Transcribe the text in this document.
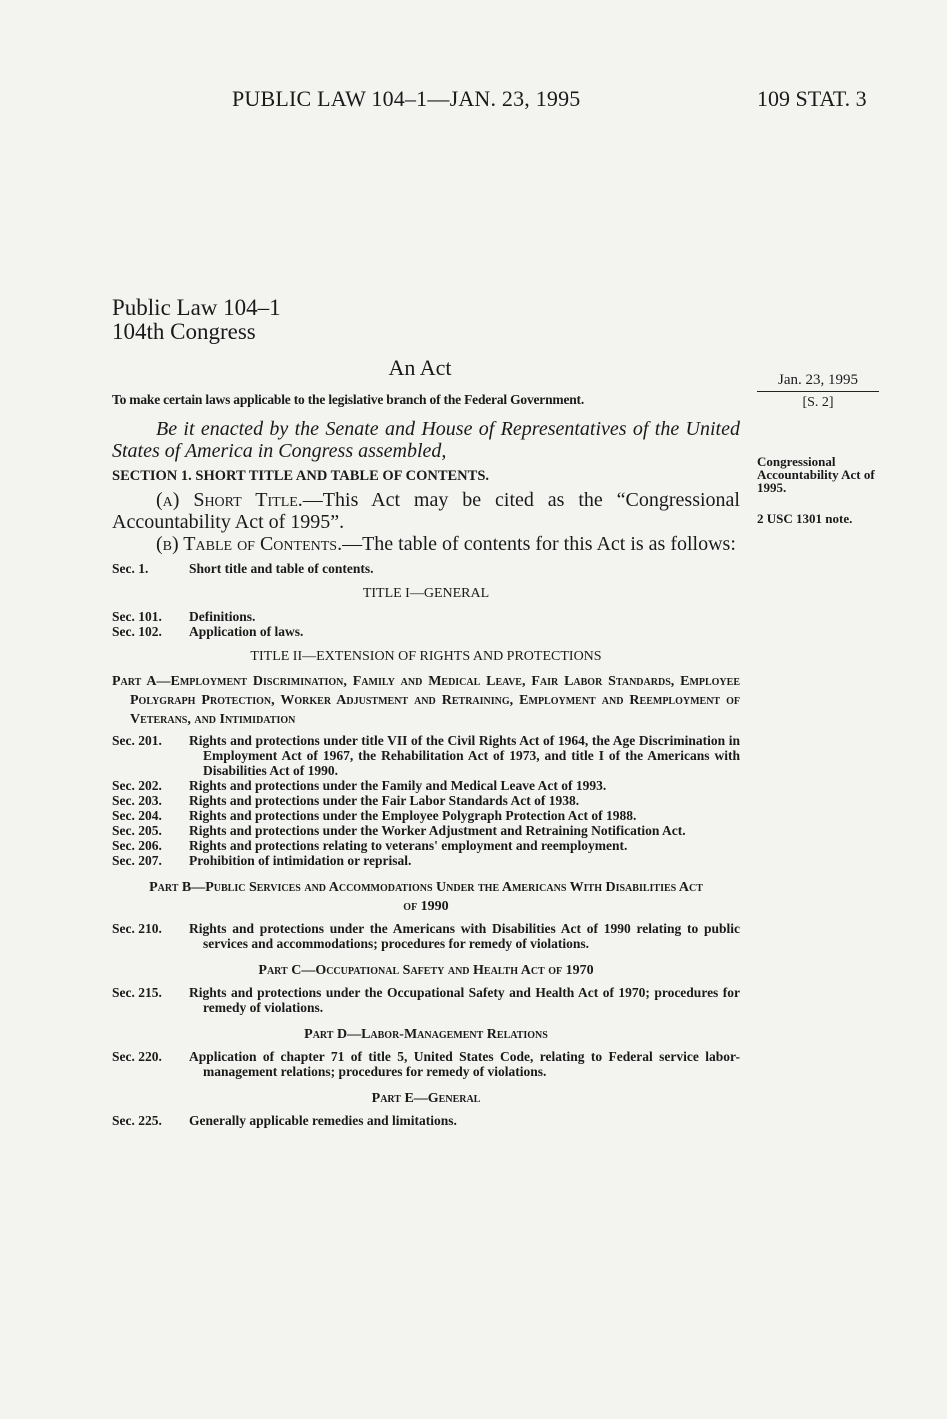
PUBLIC LAW 104–1—JAN. 23, 1995	109 STAT. 3
Public Law 104–1
104th Congress
An Act	Jan. 23, 1995
[S. 2]
Congressional Accountability Act of 1995.
2 USC 1301 note.

To make certain laws applicable to the legislative branch of the Federal Government.

Be it enacted by the Senate and House of Representatives of the United States of America in Congress assembled,

SECTION 1. SHORT TITLE AND TABLE OF CONTENTS.

(a) Short Title.—This Act may be cited as the “Congressional Accountability Act of 1995”.

(b) Table of Contents.—The table of contents for this Act is as follows:

Sec. 1.	Short title and table of contents.
TITLE I—GENERAL
Sec. 101. Definitions.
Sec. 102. Application of laws.
TITLE II—EXTENSION OF RIGHTS AND PROTECTIONS
Part A—Employment Discrimination, Family and Medical Leave, Fair Labor Standards, Employee Polygraph Protection, Worker Adjustment and Retraining, Employment and Reemployment of Veterans, and Intimidation
Sec. 201. Rights and protections under title VII of the Civil Rights Act of 1964, the Age Discrimination in Employment Act of 1967, the Rehabilitation Act of 1973, and title I of the Americans with Disabilities Act of 1990.
Sec. 202. Rights and protections under the Family and Medical Leave Act of 1993.
Sec. 203. Rights and protections under the Fair Labor Standards Act of 1938.
Sec. 204. Rights and protections under the Employee Polygraph Protection Act of 1988.
Sec. 205. Rights and protections under the Worker Adjustment and Retraining Notification Act.
Sec. 206. Rights and protections relating to veterans' employment and reemployment.
Sec. 207. Prohibition of intimidation or reprisal.
Part B—Public Services and Accommodations Under the Americans With Disabilities Act of 1990
Sec. 210. Rights and protections under the Americans with Disabilities Act of 1990 relating to public services and accommodations; procedures for remedy of violations.
Part C—Occupational Safety and Health Act of 1970
Sec. 215. Rights and protections under the Occupational Safety and Health Act of 1970; procedures for remedy of violations.
Part D—Labor-Management Relations
Sec. 220. Application of chapter 71 of title 5, United States Code, relating to Federal service labor-management relations; procedures for remedy of violations.
Part E—General
Sec. 225. Generally applicable remedies and limitations.
